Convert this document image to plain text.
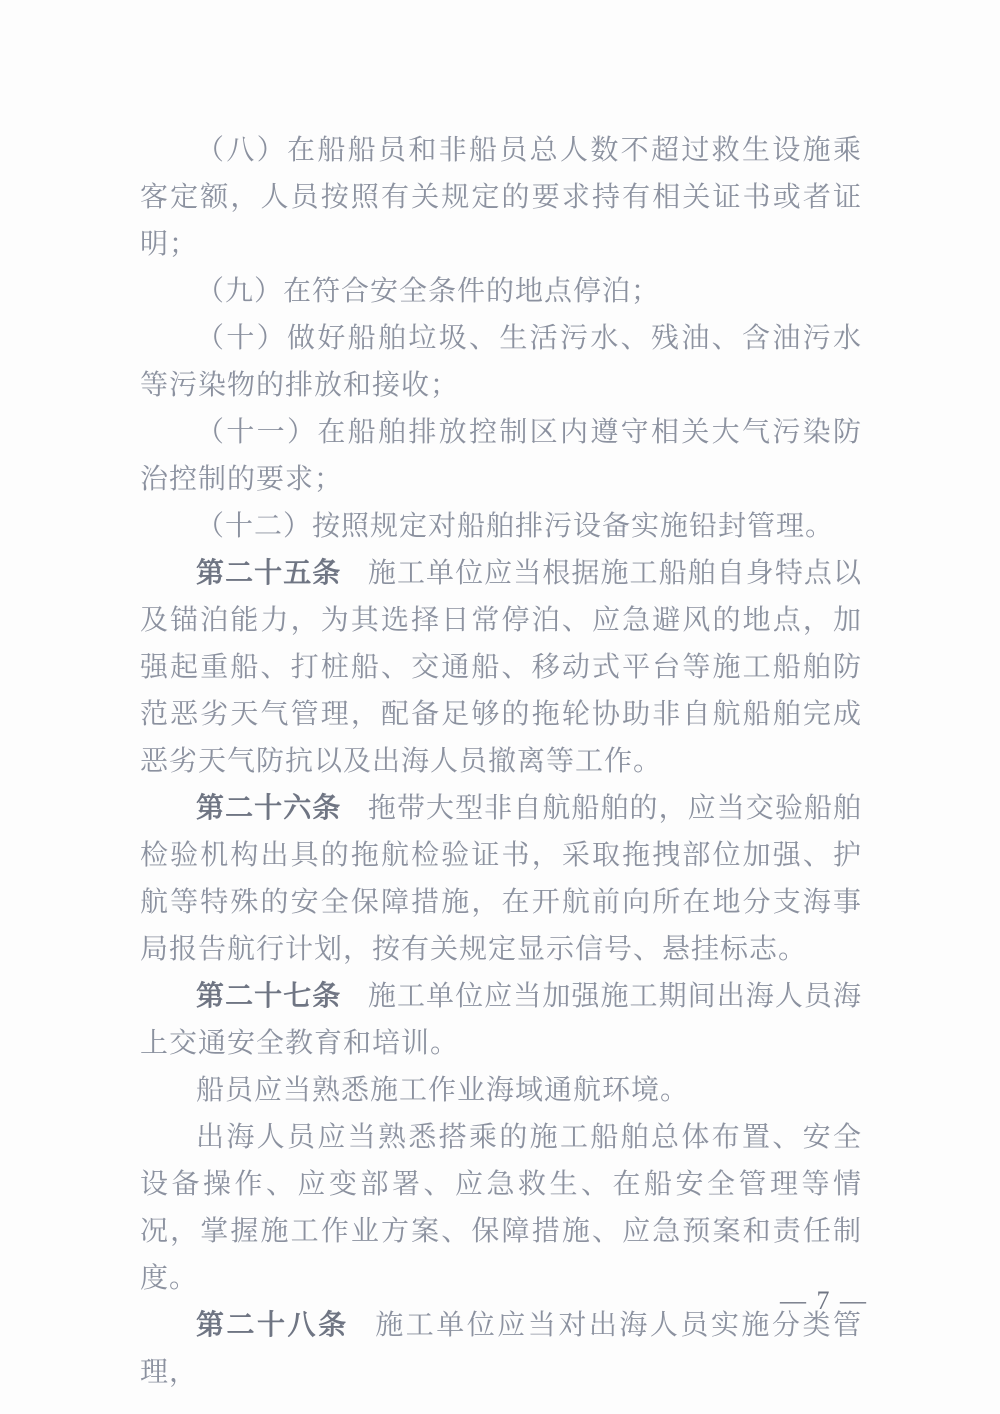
（八）在船船员和非船员总人数不超过救生设施乘客定额，人员按照有关规定的要求持有相关证书或者证明；

（九）在符合安全条件的地点停泊；

（十）做好船舶垃圾、生活污水、残油、含油污水等污染物的排放和接收；

（十一）在船舶排放控制区内遵守相关大气污染防治控制的要求；

（十二）按照规定对船舶排污设备实施铅封管理。

第二十五条 施工单位应当根据施工船舶自身特点以及锚泊能力，为其选择日常停泊、应急避风的地点，加强起重船、打桩船、交通船、移动式平台等施工船舶防范恶劣天气管理，配备足够的拖轮协助非自航船舶完成恶劣天气防抗以及出海人员撤离等工作。

第二十六条 拖带大型非自航船舶的，应当交验船舶检验机构出具的拖航检验证书，采取拖拽部位加强、护航等特殊的安全保障措施，在开航前向所在地分支海事局报告航行计划，按有关规定显示信号、悬挂标志。

第二十七条 施工单位应当加强施工期间出海人员海上交通安全教育和培训。

船员应当熟悉施工作业海域通航环境。

出海人员应当熟悉搭乘的施工船舶总体布置、安全设备操作、应变部署、应急救生、在船安全管理等情况，掌握施工作业方案、保障措施、应急预案和责任制度。

第二十八条 施工单位应当对出海人员实施分类管理，

— 7 —
